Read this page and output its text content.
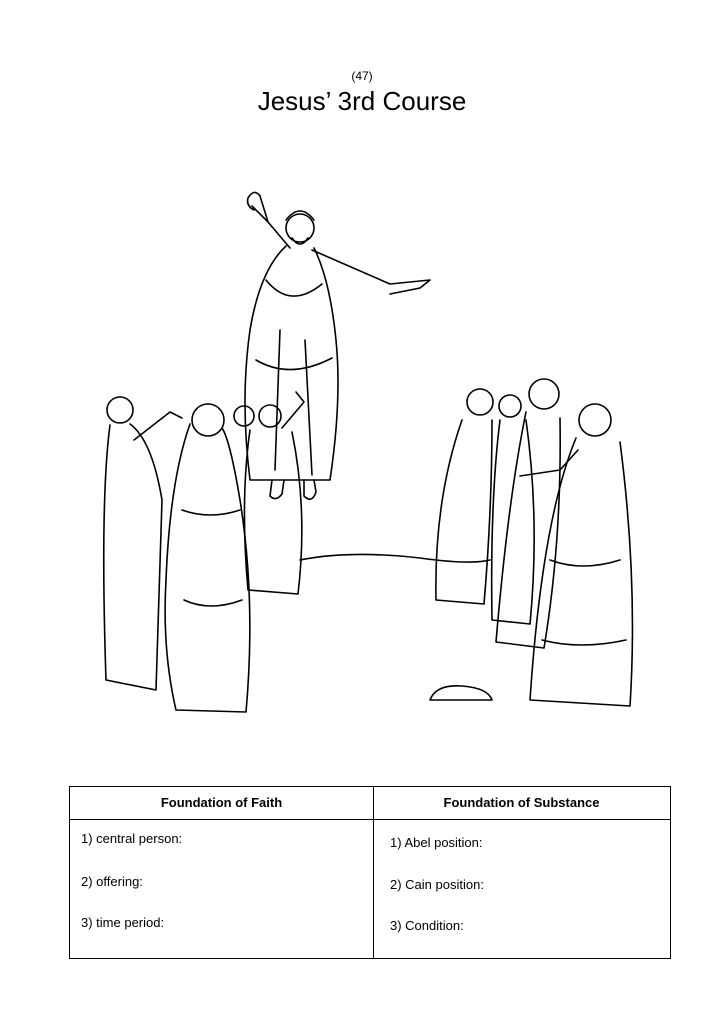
(47)
Jesus’ 3rd Course
Foundation of Faith	Foundation of Substance
1) central person:
2) offering:
3) time period:
1) Abel position:
2) Cain position:
3) Condition:
